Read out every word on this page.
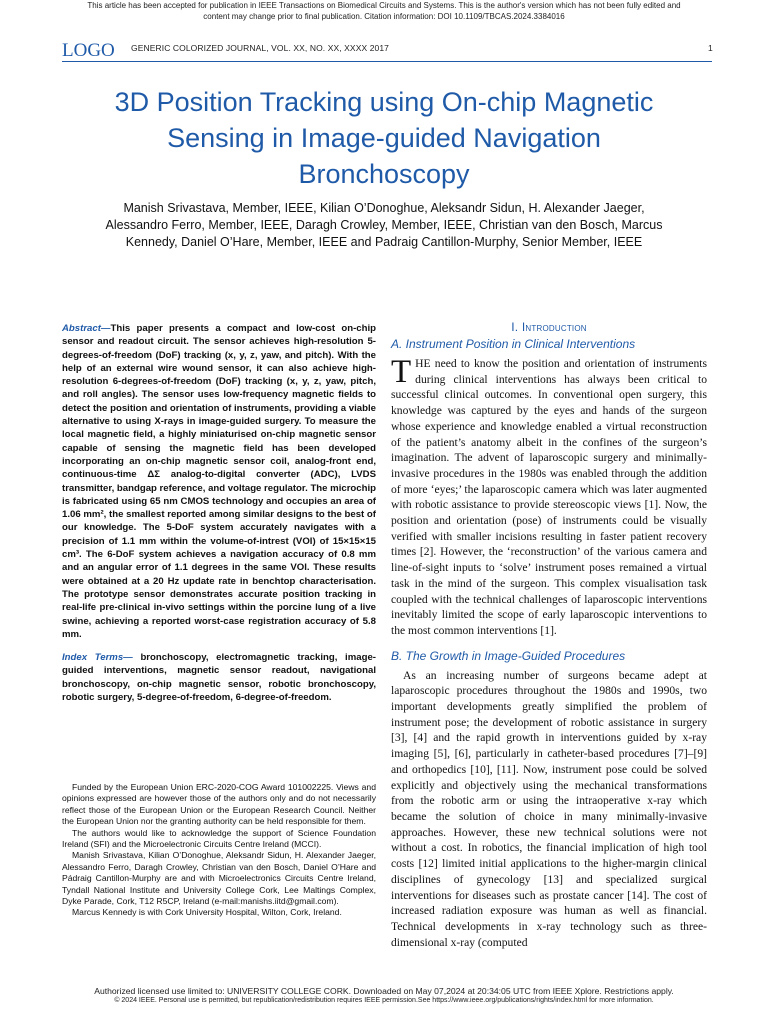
This article has been accepted for publication in IEEE Transactions on Biomedical Circuits and Systems. This is the author's version which has not been fully edited and
content may change prior to final publication. Citation information: DOI 10.1109/TBCAS.2024.3384016
LOGO GENERIC COLORIZED JOURNAL, VOL. XX, NO. XX, XXXX 2017	1
3D Position Tracking using On-chip Magnetic
Sensing in Image-guided Navigation
Bronchoscopy
Manish Srivastava, Member, IEEE, Kilian O’Donoghue, Aleksandr Sidun, H. Alexander Jaeger,
Alessandro Ferro, Member, IEEE, Daragh Crowley, Member, IEEE, Christian van den Bosch, Marcus
Kennedy, Daniel O’Hare, Member, IEEE and Padraig Cantillon-Murphy, Senior Member, IEEE

Abstract—This paper presents a compact and low-cost on-chip sensor and readout circuit. The sensor achieves high-resolution 5-degrees-of-freedom (DoF) tracking (x, y, z, yaw, and pitch). With the help of an external wire wound sensor, it can also achieve high-resolution 6-degrees-of-freedom (DoF) tracking (x, y, z, yaw, pitch, and roll angles). The sensor uses low-frequency magnetic fields to detect the position and orientation of instruments, providing a viable alternative to using X-rays in image-guided surgery. To measure the local magnetic field, a highly miniaturised on-chip magnetic sensor capable of sensing the magnetic field has been developed incorporating an on-chip magnetic sensor coil, analog-front end, continuous-time ΔΣ analog-to-digital converter (ADC), LVDS transmitter, bandgap reference, and voltage regulator. The microchip is fabricated using 65 nm CMOS technology and occupies an area of 1.06 mm², the smallest reported among similar designs to the best of our knowledge. The 5-DoF system accurately navigates with a precision of 1.1 mm within the volume-of-intrest (VOI) of 15×15×15 cm³. The 6-DoF system achieves a navigation accuracy of 0.8 mm and an angular error of 1.1 degrees in the same VOI. These results were obtained at a 20 Hz update rate in benchtop characterisation. The prototype sensor demonstrates accurate position tracking in real-life pre-clinical in-vivo settings within the porcine lung of a live swine, achieving a reported worst-case registration accuracy of 5.8 mm.

Index Terms— bronchoscopy, electromagnetic tracking, image-guided interventions, magnetic sensor readout, navigational bronchoscopy, on-chip magnetic sensor, robotic bronchoscopy, robotic surgery, 5-degree-of-freedom, 6-degree-of-freedom.

Funded by the European Union ERC-2020-COG Award 101002225. Views and opinions expressed are however those of the authors only and do not necessarily reflect those of the European Union or the European Research Council. Neither the European Union nor the granting authority can be held responsible for them.

The authors would like to acknowledge the support of Science Foundation Ireland (SFI) and the Microelectronic Circuits Centre Ireland (MCCI).

Manish Srivastava, Kilian O’Donoghue, Aleksandr Sidun, H. Alexander Jaeger, Alessandro Ferro, Daragh Crowley, Christian van den Bosch, Daniel O’Hare and Pádraig Cantillon-Murphy are and with Microelectronics Circuits Centre Ireland, Tyndall National Institute and University College Cork, Lee Maltings Complex, Dyke Parade, Cork, T12 R5CP, Ireland (e-mail:manishs.iitd@gmail.com).

Marcus Kennedy is with Cork University Hospital, Wilton, Cork, Ireland.

I. Introduction

A. Instrument Position in Clinical Interventions

THE need to know the position and orientation of instruments during clinical interventions has always been critical to successful clinical outcomes. In conventional open surgery, this knowledge was captured by the eyes and hands of the surgeon whose experience and knowledge enabled a virtual reconstruction of the patient’s anatomy albeit in the confines of the surgeon’s imagination. The advent of laparoscopic surgery and minimally-invasive procedures in the 1980s was enabled through the addition of more ‘eyes;’ the laparoscopic camera which was later augmented with robotic assistance to provide stereoscopic views [1]. Now, the position and orientation (pose) of instruments could be visually verified with smaller incisions resulting in faster patient recovery times [2]. However, the ‘reconstruction’ of the various camera and line-of-sight inputs to ‘solve’ instrument poses remained a virtual task in the mind of the surgeon. This complex visualisation task coupled with the technical challenges of laparoscopic interventions inevitably limited the scope of early laparoscopic interventions to the most common interventions [1].

B. The Growth in Image-Guided Procedures

As an increasing number of surgeons became adept at laparoscopic procedures throughout the 1980s and 1990s, two important developments greatly simplified the problem of instrument pose; the development of robotic assistance in surgery [3], [4] and the rapid growth in interventions guided by x-ray imaging [5], [6], particularly in catheter-based procedures [7]–[9] and orthopedics [10], [11]. Now, instrument pose could be solved explicitly and objectively using the mechanical transformations from the robotic arm or using the intraoperative x-ray which became the solution of choice in many minimally-invasive approaches. However, these new technical solutions were not without a cost. In robotics, the financial implication of high tool costs [12] limited initial applications to the higher-margin clinical disciplines of gynecology [13] and specialized surgical interventions for diseases such as prostate cancer [14]. The cost of increased radiation exposure was human as well as financial. Technical developments in x-ray technology such as three-dimensional x-ray (computed

Authorized licensed use limited to: UNIVERSITY COLLEGE CORK. Downloaded on May 07,2024 at 20:34:05 UTC from IEEE Xplore. Restrictions apply.
© 2024 IEEE. Personal use is permitted, but republication/redistribution requires IEEE permission.See https://www.ieee.org/publications/rights/index.html for more information.
